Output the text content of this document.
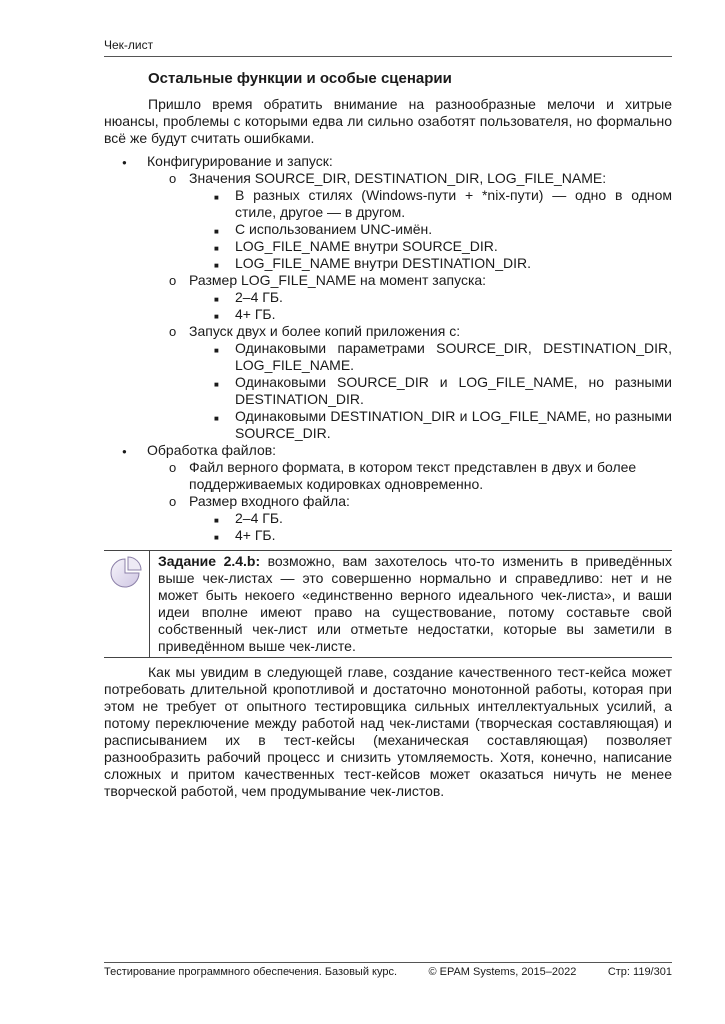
Чек-лист
Остальные функции и особые сценарии

Пришло время обратить внимание на разнообразные мелочи и хитрые нюансы, проблемы с которыми едва ли сильно озаботят пользователя, но формально всё же будут считать ошибками.

● Конфигурирование и запуск:
o Значения SOURCE_DIR, DESTINATION_DIR, LOG_FILE_NAME:
■ В разных стилях (Windows-пути + *nix-пути) — одно в одном стиле, другое — в другом.
■ С использованием UNC-имён.
■ LOG_FILE_NAME внутри SOURCE_DIR.
■ LOG_FILE_NAME внутри DESTINATION_DIR.
o Размер LOG_FILE_NAME на момент запуска:
■ 2–4 ГБ.
■ 4+ ГБ.
o Запуск двух и более копий приложения с:
■ Одинаковыми параметрами SOURCE_DIR, DESTINATION_DIR, LOG_FILE_NAME.
■ Одинаковыми SOURCE_DIR и LOG_FILE_NAME, но разными DESTINATION_DIR.
■ Одинаковыми DESTINATION_DIR и LOG_FILE_NAME, но разными SOURCE_DIR.
● Обработка файлов:
o Файл верного формата, в котором текст представлен в двух и более поддерживаемых кодировках одновременно.
o Размер входного файла:
■ 2–4 ГБ.
■ 4+ ГБ.
Задание 2.4.b: возможно, вам захотелось что-то изменить в приведённых выше чек-листах — это совершенно нормально и справедливо: нет и не может быть некоего «единственно верного идеального чек-листа», и ваши идеи вполне имеют право на существование, потому составьте свой собственный чек-лист или отметьте недостатки, которые вы заметили в приведённом выше чек-листе.

Как мы увидим в следующей главе, создание качественного тест-кейса может потребовать длительной кропотливой и достаточно монотонной работы, которая при этом не требует от опытного тестировщика сильных интеллектуальных усилий, а потому переключение между работой над чек-листами (творческая составляющая) и расписыванием их в тест-кейсы (механическая составляющая) позволяет разнообразить рабочий процесс и снизить утомляемость. Хотя, конечно, написание сложных и притом качественных тест-кейсов может оказаться ничуть не менее творческой работой, чем продумывание чек-листов.

Тестирование программного обеспечения. Базовый курс.	© EPAM Systems, 2015–2022	Стр: 119/301
